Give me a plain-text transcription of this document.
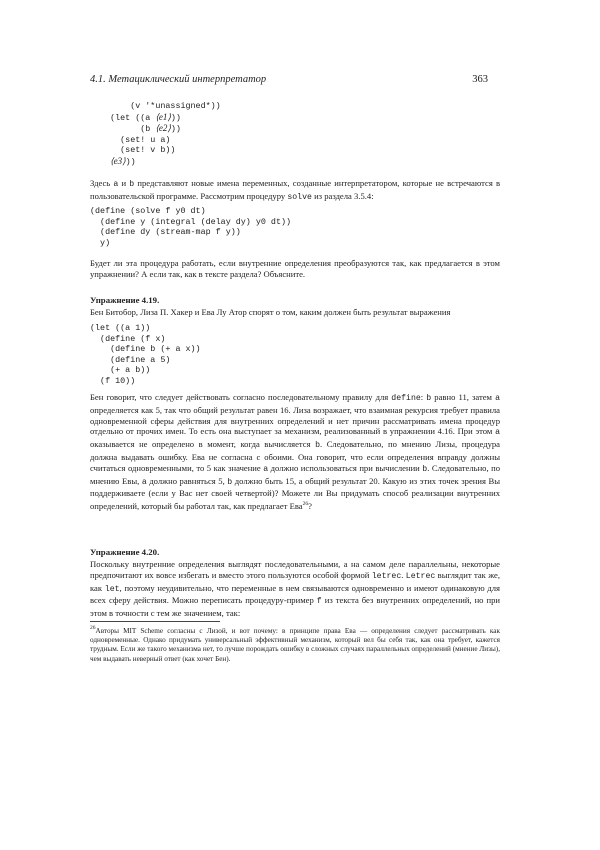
4.1. Метациклический интерпретатор	363
(v '*unassigned*))
(let ((a ⟨e1⟩))
(b ⟨e2⟩))
(set! u a)
(set! v b))
⟨e3⟩))

Здесь a и b представляют новые имена переменных, созданные интерпретатором, которые не встречаются в пользовательской программе. Рассмотрим процедуру solve из раздела 3.5.4:

(define (solve f y0 dt)
(define y (integral (delay dy) y0 dt))
(define dy (stream-map f y))
y)

Будет ли эта процедура работать, если внутренние определения преобразуются так, как предлагается в этом упражнении? А если так, как в тексте раздела? Объясните.

Упражнение 4.19.

Бен Битобор, Лиза П. Хакер и Ева Лу Атор спорят о том, каким должен быть результат выражения

(let ((a 1))
(define (f x)
(define b (+ a x))
(define a 5)
(+ a b))
(f 10))

Бен говорит, что следует действовать согласно последовательному правилу для define: b равно 11, затем a определяется как 5, так что общий результат равен 16. Лиза возражает, что взаимная рекурсия требует правила одновременной сферы действия для внутренних определений и нет причин рассматривать имена процедур отдельно от прочих имен. То есть она выступает за механизм, реализованный в упражнении 4.16. При этом a оказывается не определено в момент, когда вычисляется b. Следовательно, по мнению Лизы, процедура должна выдавать ошибку. Ева не согласна с обоими. Она говорит, что если определения вправду должны считаться одновременными, то 5 как значение a должно использоваться при вычислении b. Следовательно, по мнению Евы, a должно равняться 5, b должно быть 15, а общий результат 20. Какую из этих точек зрения Вы поддерживаете (если у Вас нет своей четвертой)? Можете ли Вы придумать способ реализации внутренних определений, который бы работал так, как предлагает Ева$^{26}$?

Упражнение 4.20.

Поскольку внутренние определения выглядят последовательными, а на самом деле параллельны, некоторые предпочитают их вовсе избегать и вместо этого пользуются особой формой letrec. Letrec выглядит так же, как let, поэтому неудивительно, что переменные в нем связываются одновременно и имеют одинаковую для всех сферу действия. Можно переписать процедуру-пример f из текста без внутренних определений, но при этом в точности с тем же значением, так:

$^{26}$Авторы MIT Scheme согласны с Лизой, и вот почему: в принципе права Ева — определения следует рассматривать как одновременные. Однако придумать универсальный эффективный механизм, который вел бы себя так, как она требует, кажется трудным. Если же такого механизма нет, то лучше порождать ошибку в сложных случаях параллельных определений (мнение Лизы), чем выдавать неверный ответ (как хочет Бен).
